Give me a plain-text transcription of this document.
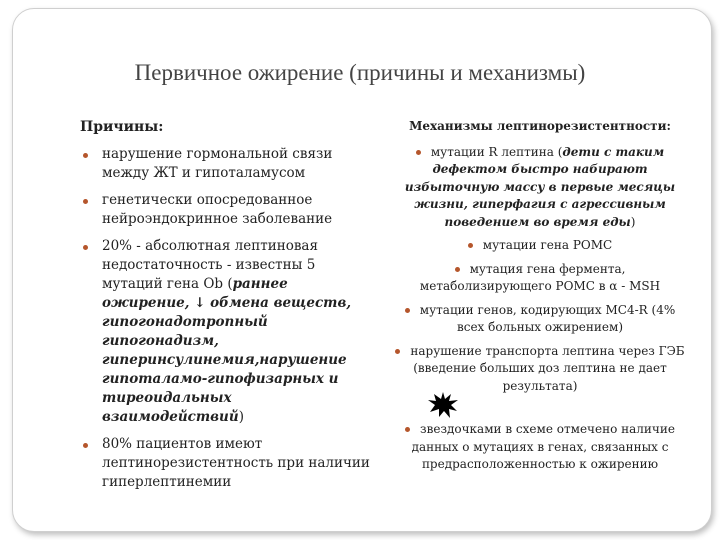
Первичное ожирение (причины и механизмы)
Причины:
нарушение гормональной связи между ЖТ и гипоталамусом
генетически опосредованное нейроэндокринное заболевание
20% - абсолютная лептиновая недостаточность - известны 5 мутаций гена Ob (раннее ожирение, ↓ обмена веществ, гипогонадотропный гипогонадизм, гиперинсулинемия,нарушение гипоталамо-гипофизарных и тиреоидальных взаимодействий)
80% пациентов имеют лептинорезистентность при наличии гиперлептинемии
Механизмы лептинорезистентности:
мутации R лептина (дети с таким дефектом быстро набирают избыточную массу в первые месяцы жизни, гиперфагия с агрессивным поведением во время еды)
мутации гена POMC
мутация гена фермента, метаболизирующего POMC в α - MSH
мутации генов, кодирующих MC4-R (4% всех больных ожирением)
нарушение транспорта лептина через ГЭБ (введение больших доз лептина не дает результата)
звездочками в схеме отмечено наличие данных о мутациях в генах, связанных с предрасположенностью к ожирению
